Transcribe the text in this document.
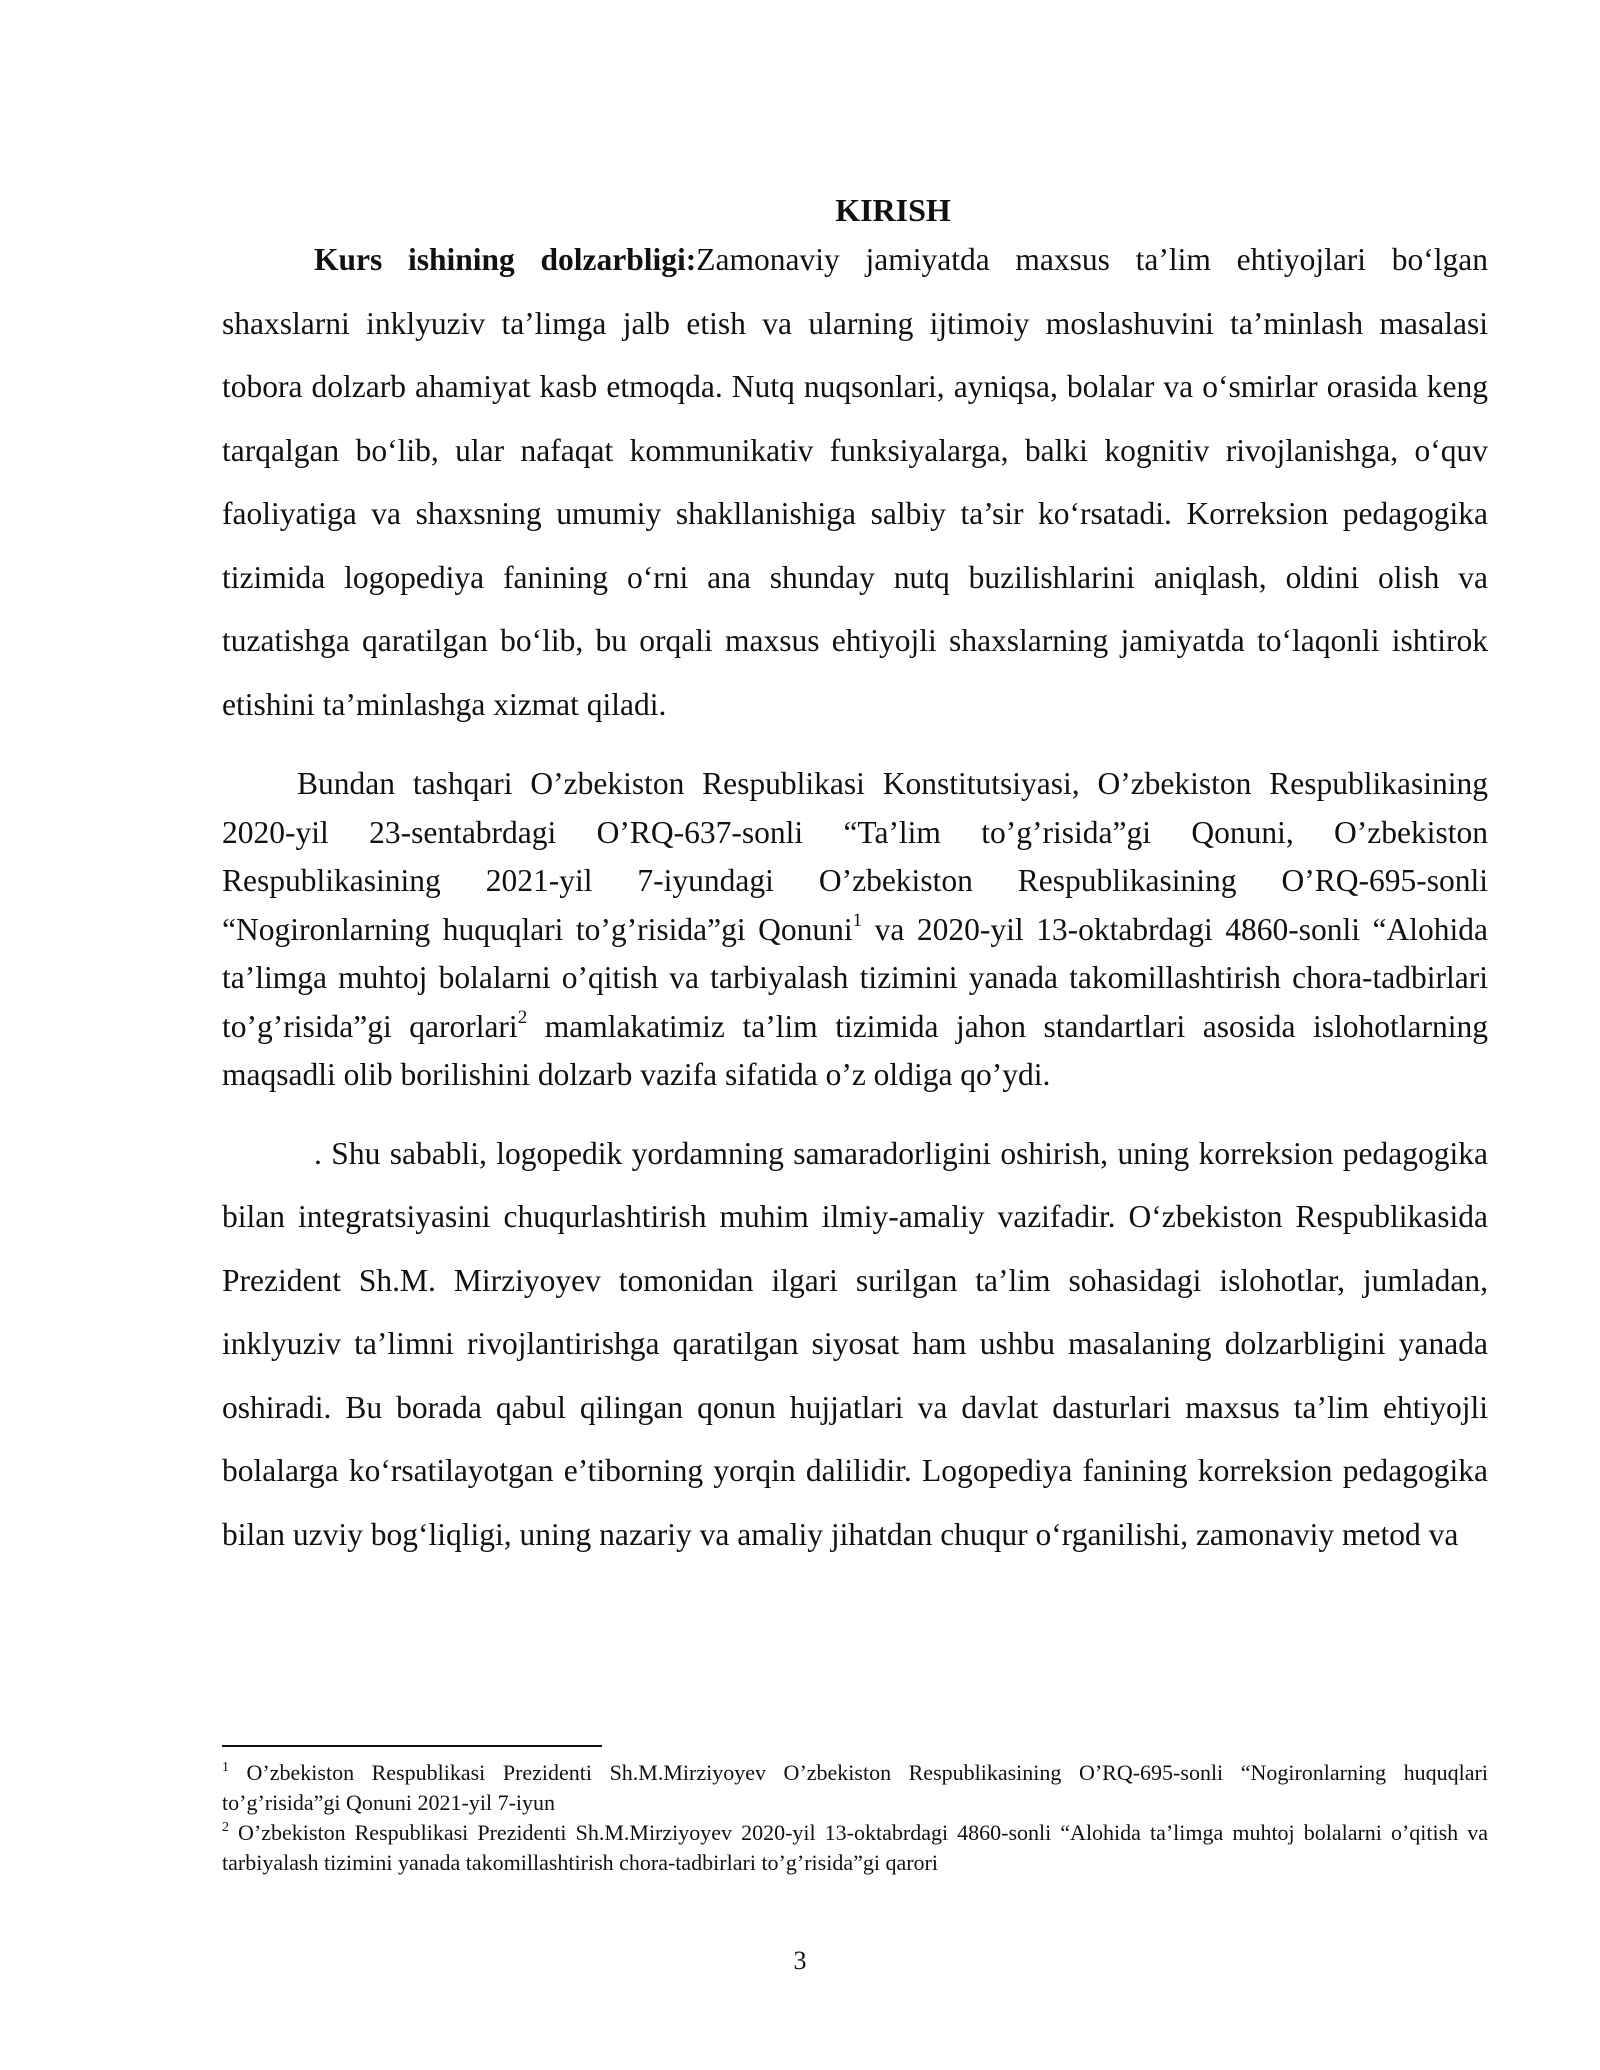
KIRISH

Kurs ishining dolzarbligi:Zamonaviy jamiyatda maxsus ta’lim ehtiyojlari bo‘lgan shaxslarni inklyuziv ta’limga jalb etish va ularning ijtimoiy moslashuvini ta’minlash masalasi tobora dolzarb ahamiyat kasb etmoqda. Nutq nuqsonlari, ayniqsa, bolalar va o‘smirlar orasida keng tarqalgan bo‘lib, ular nafaqat kommunikativ funksiyalarga, balki kognitiv rivojlanishga, o‘quv faoliyatiga va shaxsning umumiy shakllanishiga salbiy ta’sir ko‘rsatadi. Korreksion pedagogika tizimida logopediya fanining o‘rni ana shunday nutq buzilishlarini aniqlash, oldini olish va tuzatishga qaratilgan bo‘lib, bu orqali maxsus ehtiyojli shaxslarning jamiyatda to‘laqonli ishtirok etishini ta’minlashga xizmat qiladi.

Bundan tashqari O’zbekiston Respublikasi Konstitutsiyasi, O’zbekiston Respublikasining 2020-yil 23-sentabrdagi O’RQ-637-sonli “Ta’lim to’g’risida”gi Qonuni, O’zbekiston Respublikasining 2021-yil 7-iyundagi O’zbekiston Respublikasining O’RQ-695-sonli “Nogironlarning huquqlari to’g’risida”gi Qonuni$^1$ va 2020-yil 13-oktabrdagi 4860-sonli “Alohida ta’limga muhtoj bolalarni o’qitish va tarbiyalash tizimini yanada takomillashtirish chora-tadbirlari to’g’risida”gi qarorlari$^2$ mamlakatimiz ta’lim tizimida jahon standartlari asosida islohotlarning maqsadli olib borilishini dolzarb vazifa sifatida o’z oldiga qo’ydi.

. Shu sababli, logopedik yordamning samaradorligini oshirish, uning korreksion pedagogika bilan integratsiyasini chuqurlashtirish muhim ilmiy-amaliy vazifadir. O‘zbekiston Respublikasida Prezident Sh.M. Mirziyoyev tomonidan ilgari surilgan ta’lim sohasidagi islohotlar, jumladan, inklyuziv ta’limni rivojlantirishga qaratilgan siyosat ham ushbu masalaning dolzarbligini yanada oshiradi. Bu borada qabul qilingan qonun hujjatlari va davlat dasturlari maxsus ta’lim ehtiyojli bolalarga ko‘rsatilayotgan e’tiborning yorqin dalilidir. Logopediya fanining korreksion pedagogika bilan uzviy bog‘liqligi, uning nazariy va amaliy jihatdan chuqur o‘rganilishi, zamonaviy metod va

$^1$ O’zbekiston Respublikasi Prezidenti Sh.M.Mirziyoyev O’zbekiston Respublikasining O’RQ-695-sonli “Nogironlarning huquqlari to’g’risida”gi Qonuni 2021-yil 7-iyun

$^2$ O’zbekiston Respublikasi Prezidenti Sh.M.Mirziyoyev 2020-yil 13-oktabrdagi 4860-sonli “Alohida ta’limga muhtoj bolalarni o’qitish va tarbiyalash tizimini yanada takomillashtirish chora-tadbirlari to’g’risida”gi qarori

3
